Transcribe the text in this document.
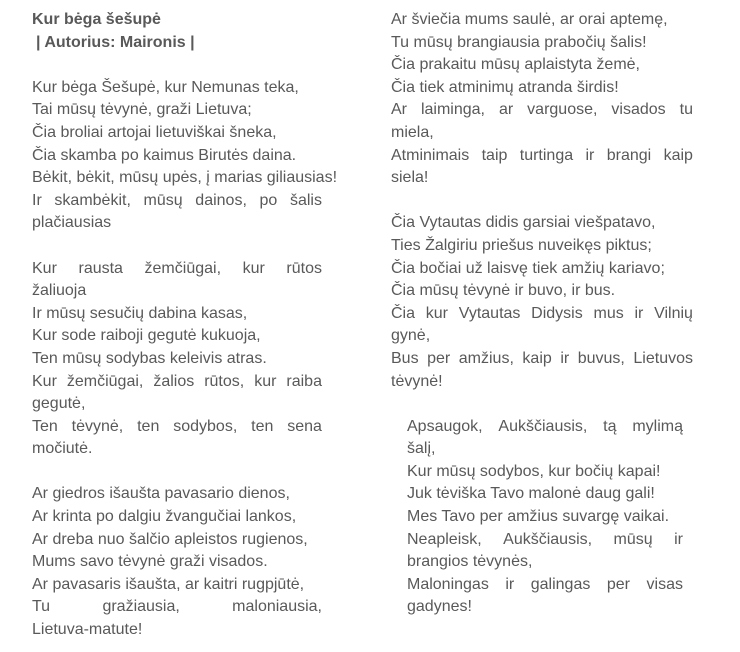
Kur bėga šešupė
| Autorius: Maironis |
Kur bėga Šešupė, kur Nemunas teka,
Tai mūsų tėvynė, graži Lietuva;
Čia broliai artojai lietuviškai šneka,
Čia skamba po kaimus Birutės daina.
Bėkit, bėkit, mūsų upės, į marias giliausias!
Ir skambėkit, mūsų dainos, po šalis
plačiausias
Kur rausta žemčiūgai, kur rūtos
žaliuoja
Ir mūsų sesučių dabina kasas,
Kur sode raiboji gegutė kukuoja,
Ten mūsų sodybas keleivis atras.
Kur žemčiūgai, žalios rūtos, kur raiba
gegutė,
Ten tėvynė, ten sodybos, ten sena
močiutė.
Ar giedros išaušta pavasario dienos,
Ar krinta po dalgiu žvangučiai lankos,
Ar dreba nuo šalčio apleistos rugienos,
Mums savo tėvynė graži visados.
Ar pavasaris išaušta, ar kaitri rugpjūtė,
Tu	gražiausia,	maloniausia,
Lietuva-matute!
Ar šviečia mums saulė, ar orai aptemę,
Tu mūsų brangiausia prabočių šalis!
Čia prakaitu mūsų aplaistyta žemė,
Čia tiek atminimų atranda širdis!
Ar laiminga, ar varguose, visados tu
miela,
Atminimais taip turtinga ir brangi kaip
siela!
Čia Vytautas didis garsiai viešpatavo,
Ties Žalgiriu priešus nuveikęs piktus;
Čia bočiai už laisvę tiek amžių kariavo;
Čia mūsų tėvynė ir buvo, ir bus.
Čia kur Vytautas Didysis mus ir Vilnių
gynė,
Bus per amžius, kaip ir buvus, Lietuvos
tėvynė!
Apsaugok, Aukščiausis, tą mylimą
šalį,
Kur mūsų sodybos, kur bočių kapai!
Juk tėviška Tavo malonė daug gali!
Mes Tavo per amžius suvargę vaikai.
Neapleisk, Aukščiausis, mūsų ir
brangios tėvynės,
Maloningas ir galingas per visas
gadynes!
